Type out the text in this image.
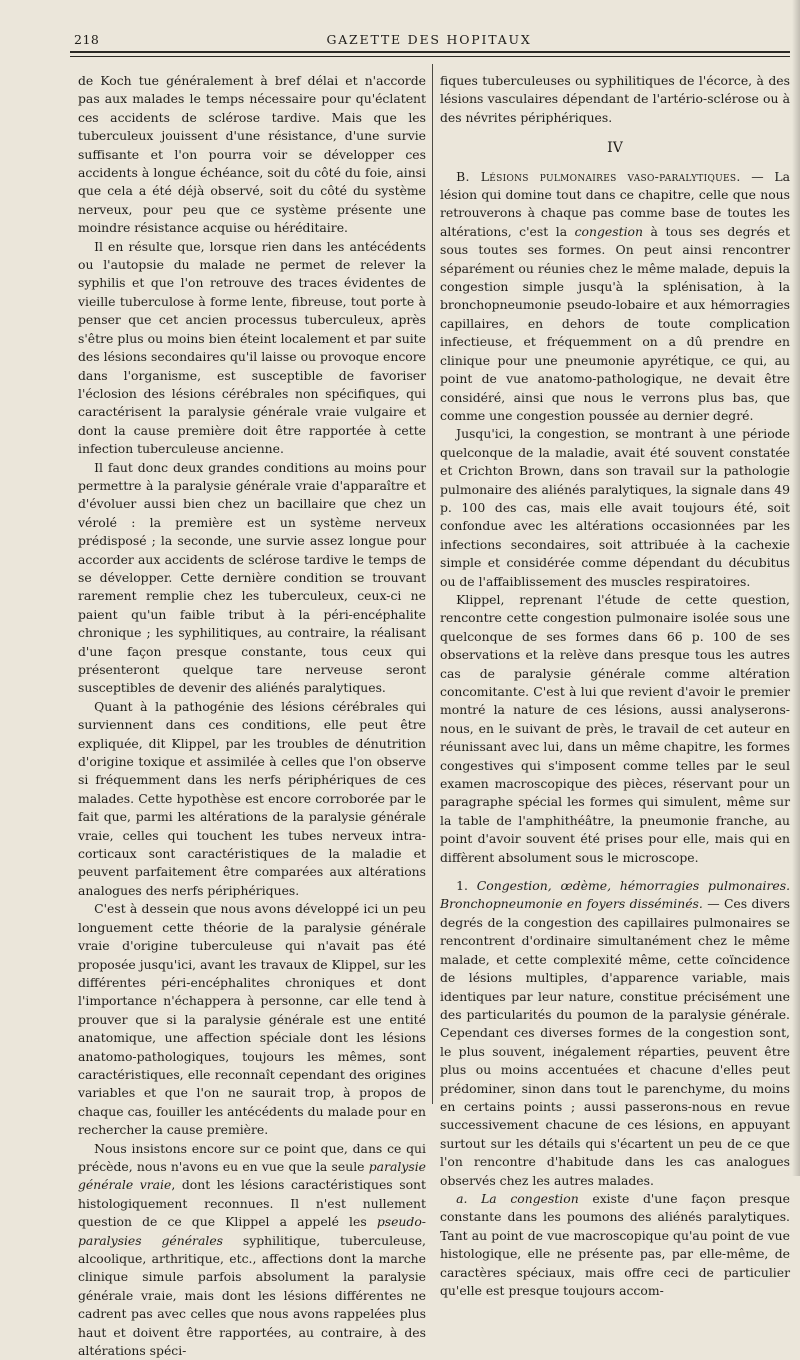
218	GAZETTE DES HOPITAUX

de Koch tue généralement à bref délai et n'accorde pas aux malades le temps nécessaire pour qu'éclatent ces accidents de sclérose tardive. Mais que les tuberculeux jouissent d'une résistance, d'une survie suffisante et l'on pourra voir se développer ces accidents à longue échéance, soit du côté du foie, ainsi que cela a été déjà observé, soit du côté du système nerveux, pour peu que ce système présente une moindre résistance acquise ou héréditaire.

Il en résulte que, lorsque rien dans les antécédents ou l'autopsie du malade ne permet de relever la syphilis et que l'on retrouve des traces évidentes de vieille tuberculose à forme lente, fibreuse, tout porte à penser que cet ancien processus tuberculeux, après s'être plus ou moins bien éteint localement et par suite des lésions secondaires qu'il laisse ou provoque encore dans l'organisme, est susceptible de favoriser l'éclosion des lésions cérébrales non spécifiques, qui caractérisent la paralysie générale vraie vulgaire et dont la cause première doit être rapportée à cette infection tuberculeuse ancienne.

Il faut donc deux grandes conditions au moins pour permettre à la paralysie générale vraie d'apparaître et d'évoluer aussi bien chez un bacillaire que chez un vérolé : la première est un système nerveux prédisposé ; la seconde, une survie assez longue pour accorder aux accidents de sclérose tardive le temps de se développer. Cette dernière condition se trouvant rarement remplie chez les tuberculeux, ceux-ci ne paient qu'un faible tribut à la péri-encéphalite chronique ; les syphilitiques, au contraire, la réalisant d'une façon presque constante, tous ceux qui présenteront quelque tare nerveuse seront susceptibles de devenir des aliénés paralytiques.

Quant à la pathogénie des lésions cérébrales qui surviennent dans ces conditions, elle peut être expliquée, dit Klippel, par les troubles de dénutrition d'origine toxique et assimilée à celles que l'on observe si fréquemment dans les nerfs périphériques de ces malades. Cette hypothèse est encore corroborée par le fait que, parmi les altérations de la paralysie générale vraie, celles qui touchent les tubes nerveux intra-corticaux sont caractéristiques de la maladie et peuvent parfaitement être comparées aux altérations analogues des nerfs périphériques.

C'est à dessein que nous avons développé ici un peu longuement cette théorie de la paralysie générale vraie d'origine tuberculeuse qui n'avait pas été proposée jusqu'ici, avant les travaux de Klippel, sur les différentes péri-encéphalites chroniques et dont l'importance n'échappera à personne, car elle tend à prouver que si la paralysie générale est une entité anatomique, une affection spéciale dont les lésions anatomo-pathologiques, toujours les mêmes, sont caractéristiques, elle reconnaît cependant des origines variables et que l'on ne saurait trop, à propos de chaque cas, fouiller les antécédents du malade pour en rechercher la cause première.

Nous insistons encore sur ce point que, dans ce qui précède, nous n'avons eu en vue que la seule paralysie générale vraie, dont les lésions caractéristiques sont histologiquement reconnues. Il n'est nullement question de ce que Klippel a appelé les pseudo-paralysies générales syphilitique, tuberculeuse, alcoolique, arthritique, etc., affections dont la marche clinique simule parfois absolument la paralysie générale vraie, mais dont les lésions différentes ne cadrent pas avec celles que nous avons rappelées plus haut et doivent être rapportées, au contraire, à des altérations spéci-

fiques tuberculeuses ou syphilitiques de l'écorce, à des lésions vasculaires dépendant de l'artério-sclérose ou à des névrites périphériques.

IV

B. Lésions pulmonaires vaso-paralytiques. — La lésion qui domine tout dans ce chapitre, celle que nous retrouverons à chaque pas comme base de toutes les altérations, c'est la congestion à tous ses degrés et sous toutes ses formes. On peut ainsi rencontrer séparément ou réunies chez le même malade, depuis la congestion simple jusqu'à la splénisation, à la bronchopneumonie pseudo-lobaire et aux hémorragies capillaires, en dehors de toute complication infectieuse, et fréquemment on a dû prendre en clinique pour une pneumonie apyrétique, ce qui, au point de vue anatomo-pathologique, ne devait être considéré, ainsi que nous le verrons plus bas, que comme une congestion poussée au dernier degré.

Jusqu'ici, la congestion, se montrant à une période quelconque de la maladie, avait été souvent constatée et Crichton Brown, dans son travail sur la pathologie pulmonaire des aliénés paralytiques, la signale dans 49 p. 100 des cas, mais elle avait toujours été, soit confondue avec les altérations occasionnées par les infections secondaires, soit attribuée à la cachexie simple et considérée comme dépendant du décubitus ou de l'affaiblissement des muscles respiratoires.

Klippel, reprenant l'étude de cette question, rencontre cette congestion pulmonaire isolée sous une quelconque de ses formes dans 66 p. 100 de ses observations et la relève dans presque tous les autres cas de paralysie générale comme altération concomitante. C'est à lui que revient d'avoir le premier montré la nature de ces lésions, aussi analyserons-nous, en le suivant de près, le travail de cet auteur en réunissant avec lui, dans un même chapitre, les formes congestives qui s'imposent comme telles par le seul examen macroscopique des pièces, réservant pour un paragraphe spécial les formes qui simulent, même sur la table de l'amphithéâtre, la pneumonie franche, au point d'avoir souvent été prises pour elle, mais qui en diffèrent absolument sous le microscope.

1. Congestion, œdème, hémorragies pulmonaires. Bronchopneumonie en foyers disséminés. — Ces divers degrés de la congestion des capillaires pulmonaires se rencontrent d'ordinaire simultanément chez le même malade, et cette complexité même, cette coïncidence de lésions multiples, d'apparence variable, mais identiques par leur nature, constitue précisément une des particularités du poumon de la paralysie générale. Cependant ces diverses formes de la congestion sont, le plus souvent, inégalement réparties, peuvent être plus ou moins accentuées et chacune d'elles peut prédominer, sinon dans tout le parenchyme, du moins en certains points ; aussi passerons-nous en revue successivement chacune de ces lésions, en appuyant surtout sur les détails qui s'écartent un peu de ce que l'on rencontre d'habitude dans les cas analogues observés chez les autres malades.

a. La congestion existe d'une façon presque constante dans les poumons des aliénés paralytiques. Tant au point de vue macroscopique qu'au point de vue histologique, elle ne présente pas, par elle-même, de caractères spéciaux, mais offre ceci de particulier qu'elle est presque toujours accom-
